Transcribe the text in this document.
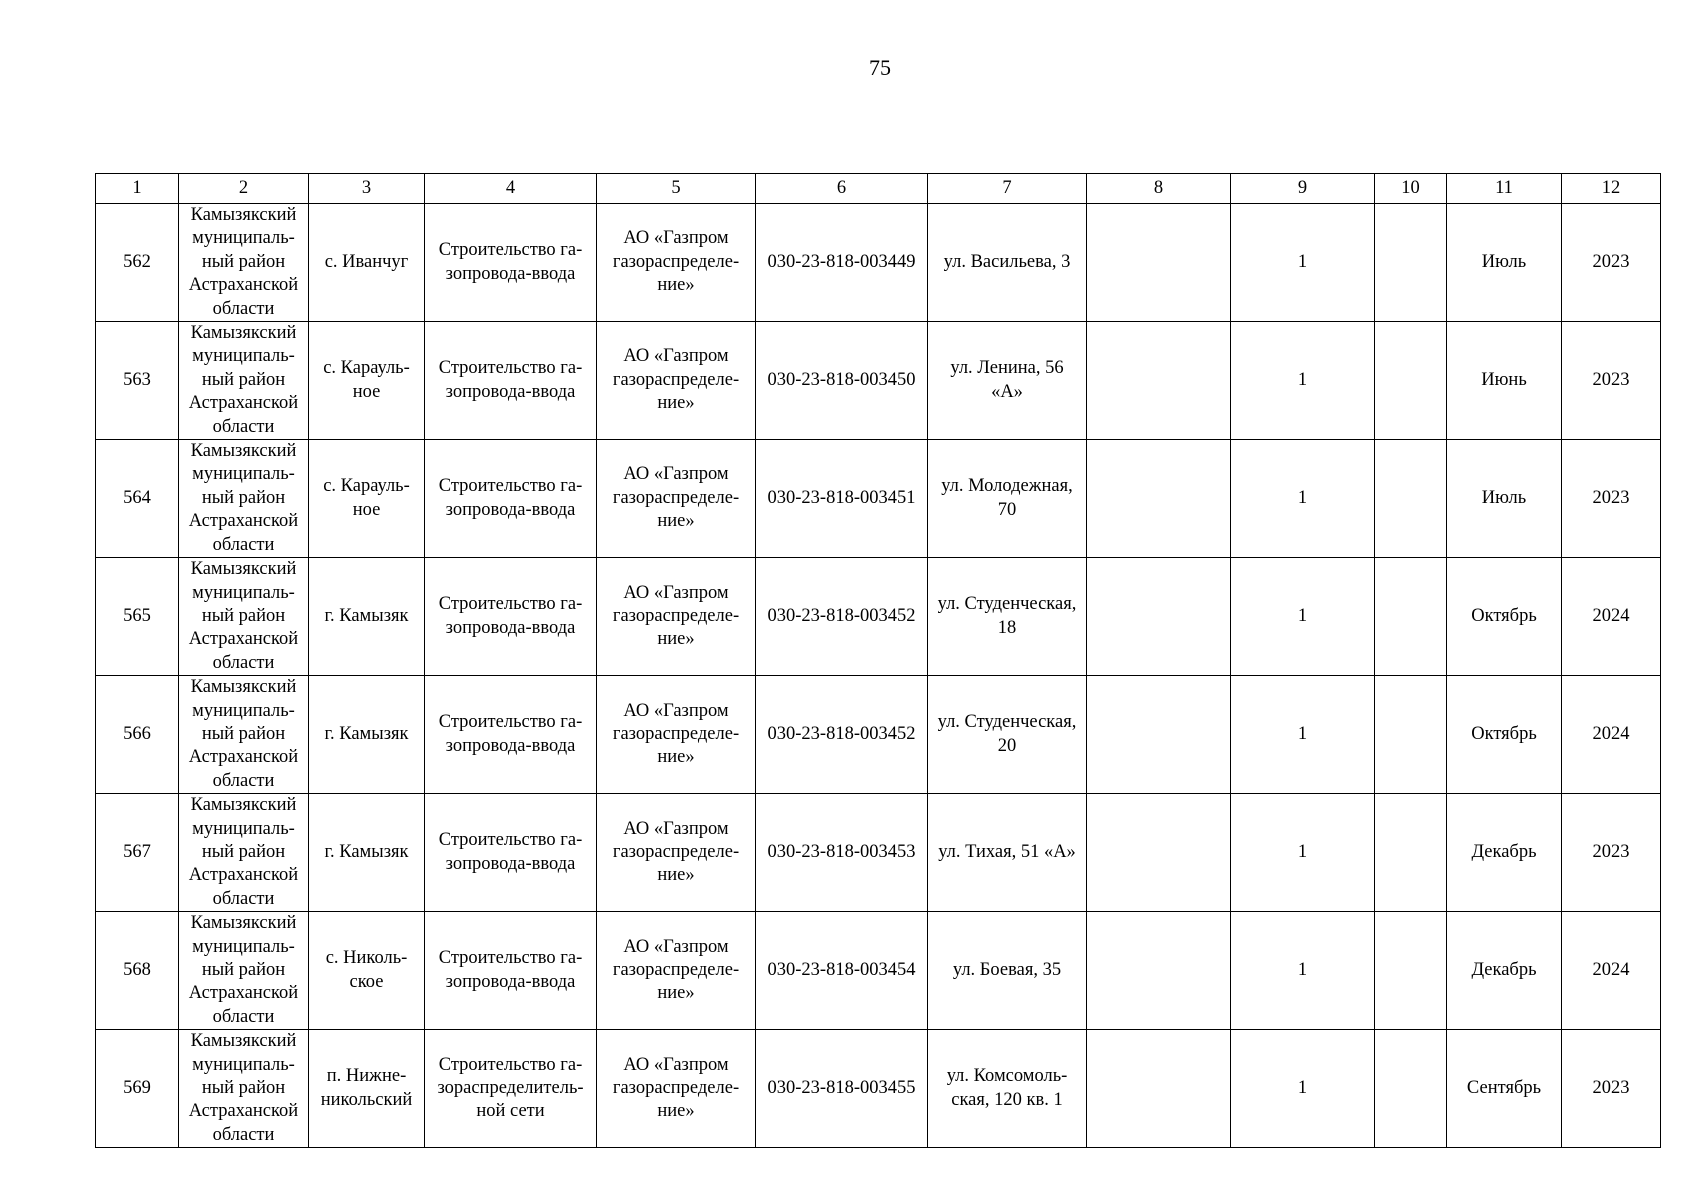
75
1	2	3	4	5	6	7	8	9	10	11	12
562	Камызякский
муниципаль-
ный район
Астраханской
области	с. Иванчуг	Строительство га-
зопровода-ввода	АО «Газпром
газораспределе-
ние»	030-23-818-003449	ул. Васильева, 3		1		Июль	2023
563	Камызякский
муниципаль-
ный район
Астраханской
области	с. Карауль-
ное	Строительство га-
зопровода-ввода	АО «Газпром
газораспределе-
ние»	030-23-818-003450	ул. Ленина, 56
«А»		1		Июнь	2023
564	Камызякский
муниципаль-
ный район
Астраханской
области	с. Карауль-
ное	Строительство га-
зопровода-ввода	АО «Газпром
газораспределе-
ние»	030-23-818-003451	ул. Молодежная,
70		1		Июль	2023
565	Камызякский
муниципаль-
ный район
Астраханской
области	г. Камызяк	Строительство га-
зопровода-ввода	АО «Газпром
газораспределе-
ние»	030-23-818-003452	ул. Студенческая,
18		1		Октябрь	2024
566	Камызякский
муниципаль-
ный район
Астраханской
области	г. Камызяк	Строительство га-
зопровода-ввода	АО «Газпром
газораспределе-
ние»	030-23-818-003452	ул. Студенческая,
20		1		Октябрь	2024
567	Камызякский
муниципаль-
ный район
Астраханской
области	г. Камызяк	Строительство га-
зопровода-ввода	АО «Газпром
газораспределе-
ние»	030-23-818-003453	ул. Тихая, 51 «А»		1		Декабрь	2023
568	Камызякский
муниципаль-
ный район
Астраханской
области	с. Николь-
ское	Строительство га-
зопровода-ввода	АО «Газпром
газораспределе-
ние»	030-23-818-003454	ул. Боевая, 35		1		Декабрь	2024
569	Камызякский
муниципаль-
ный район
Астраханской
области	п. Нижне-
никольский	Строительство га-
зораспределитель-
ной сети	АО «Газпром
газораспределе-
ние»	030-23-818-003455	ул. Комсомоль-
ская, 120 кв. 1		1		Сентябрь	2023
